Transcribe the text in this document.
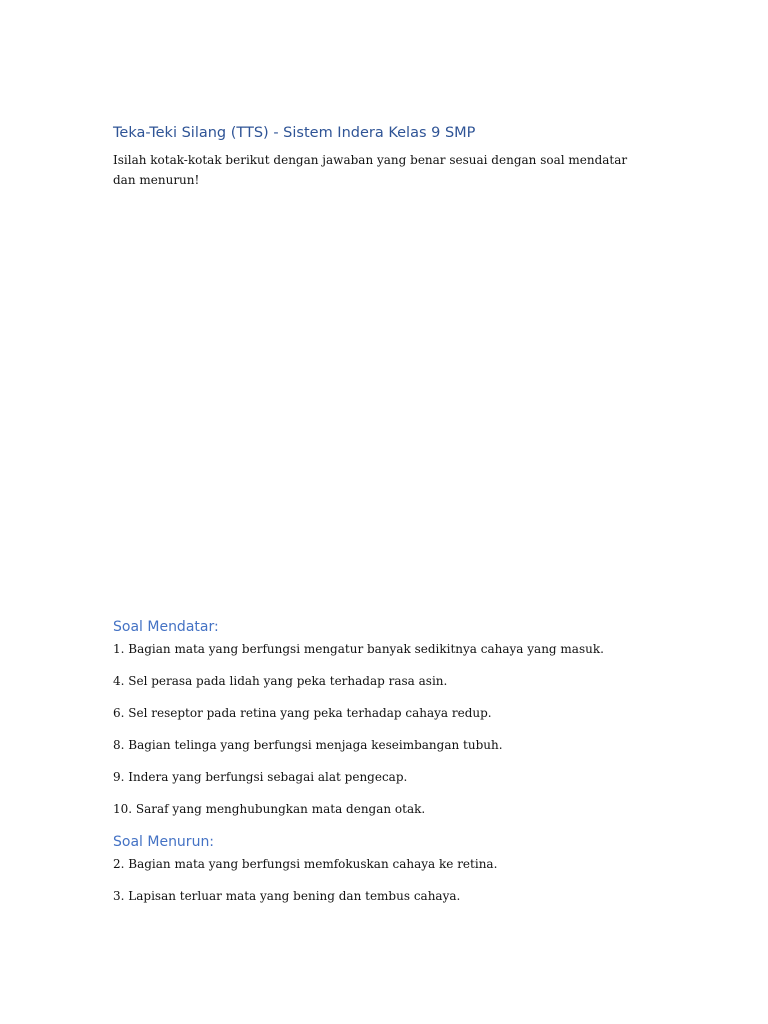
Teka-Teki Silang (TTS) - Sistem Indera Kelas 9 SMP

Isilah kotak-kotak berikut dengan jawaban yang benar sesuai dengan soal mendatar dan menurun!

Soal Mendatar:

1. Bagian mata yang berfungsi mengatur banyak sedikitnya cahaya yang masuk.

4. Sel perasa pada lidah yang peka terhadap rasa asin.

6. Sel reseptor pada retina yang peka terhadap cahaya redup.

8. Bagian telinga yang berfungsi menjaga keseimbangan tubuh.

9. Indera yang berfungsi sebagai alat pengecap.

10. Saraf yang menghubungkan mata dengan otak.

Soal Menurun:

2. Bagian mata yang berfungsi memfokuskan cahaya ke retina.

3. Lapisan terluar mata yang bening dan tembus cahaya.
